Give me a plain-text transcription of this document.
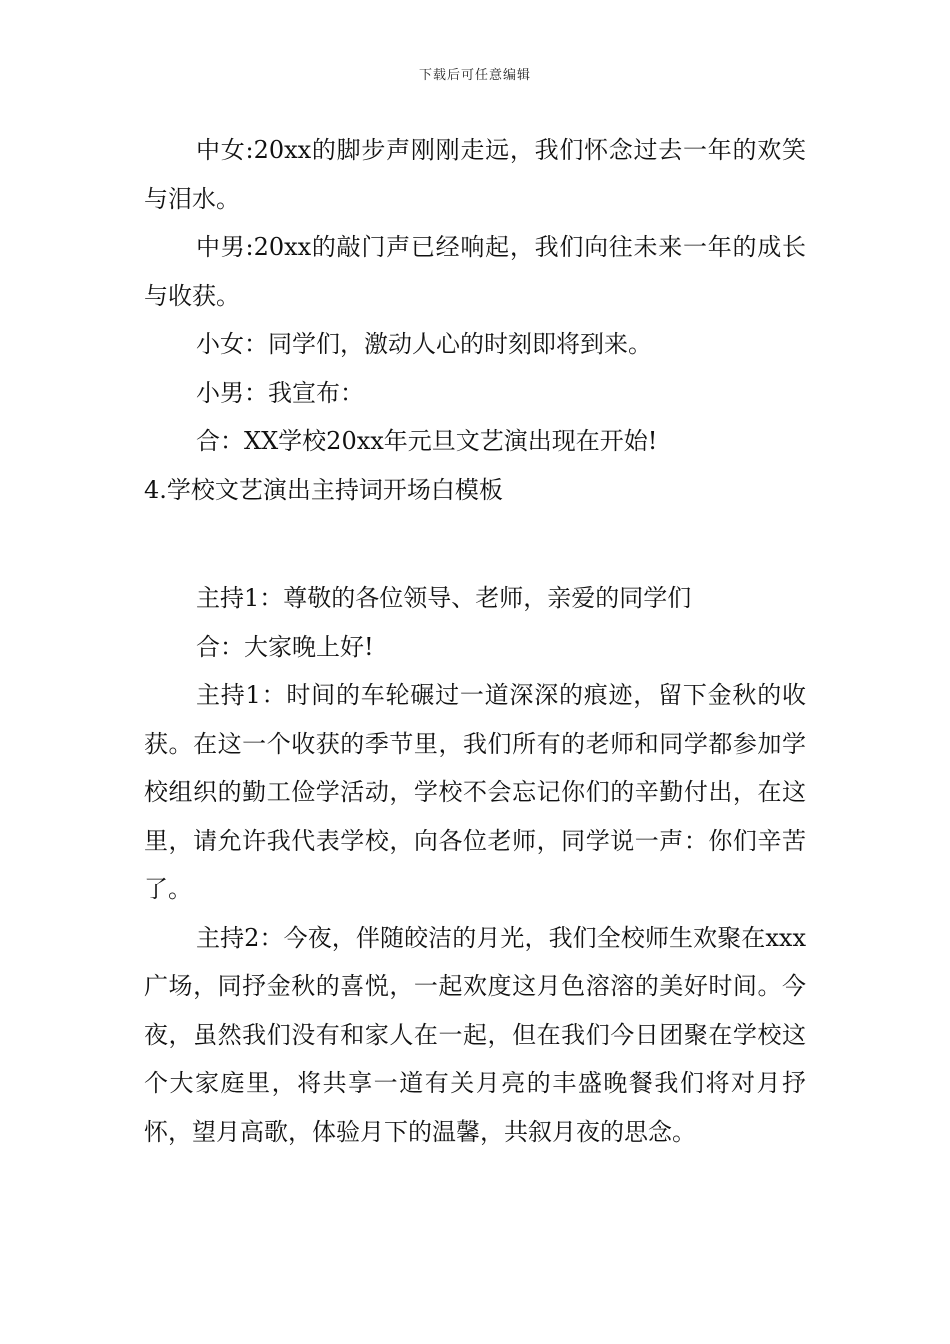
下载后可任意编辑

中女:20xx的脚步声刚刚走远，我们怀念过去一年的欢笑与泪水。

中男:20xx的敲门声已经响起，我们向往未来一年的成长与收获。

小女：同学们，激动人心的时刻即将到来。

小男：我宣布：

合：XX学校20xx年元旦文艺演出现在开始!

4.学校文艺演出主持词开场白模板

主持1：尊敬的各位领导、老师，亲爱的同学们

合：大家晚上好!

主持1：时间的车轮碾过一道深深的痕迹，留下金秋的收获。在这一个收获的季节里，我们所有的老师和同学都参加学校组织的勤工俭学活动，学校不会忘记你们的辛勤付出，在这里，请允许我代表学校，向各位老师，同学说一声：你们辛苦了。

主持2：今夜，伴随皎洁的月光，我们全校师生欢聚在xxx广场，同抒金秋的喜悦，一起欢度这月色溶溶的美好时间。今夜，虽然我们没有和家人在一起，但在我们今日团聚在学校这个大家庭里，将共享一道有关月亮的丰盛晚餐我们将对月抒怀，望月高歌，体验月下的温馨，共叙月夜的思念。
